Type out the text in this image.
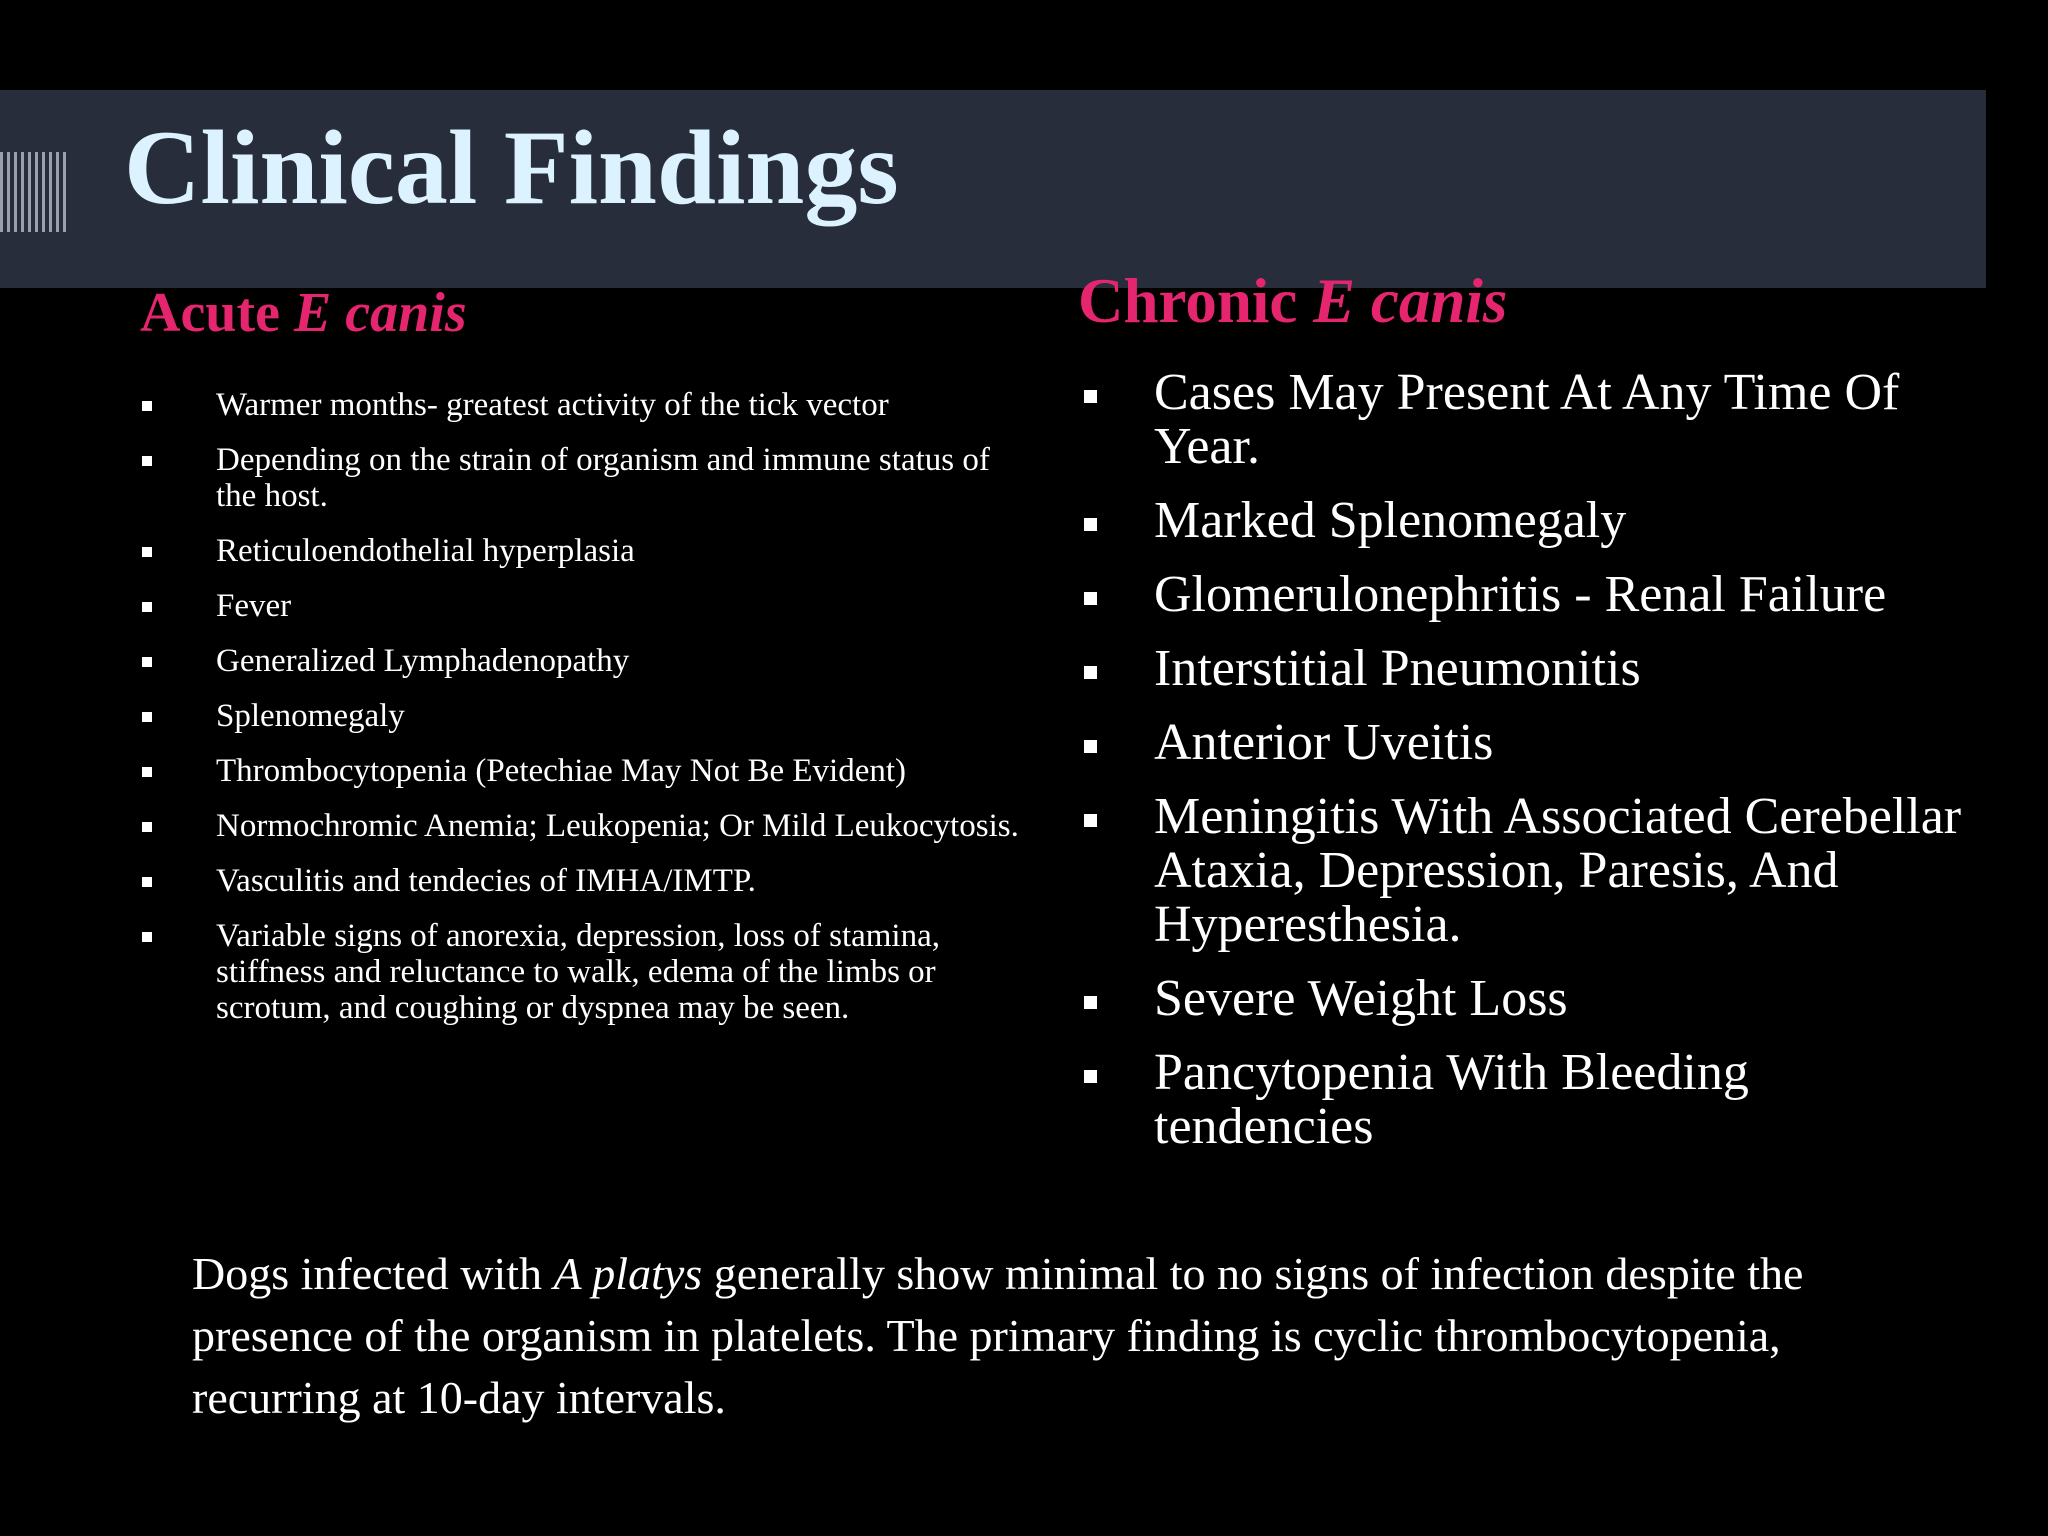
Clinical Findings
Acute E canis
Warmer months- greatest activity of the tick vector
Depending on the strain of organism and immune status of the host.
Reticuloendothelial hyperplasia
Fever
Generalized Lymphadenopathy
Splenomegaly
Thrombocytopenia (Petechiae May Not Be Evident)
Normochromic Anemia; Leukopenia; Or Mild Leukocytosis.
Vasculitis and tendecies of IMHA/IMTP.
Variable signs of anorexia, depression, loss of stamina, stiffness and reluctance to walk, edema of the limbs or scrotum, and coughing or dyspnea may be seen.
Chronic E canis
Cases May Present At Any Time Of Year.
Marked Splenomegaly
Glomerulonephritis - Renal Failure
Interstitial Pneumonitis
Anterior Uveitis
Meningitis With Associated Cerebellar Ataxia, Depression, Paresis, And Hyperesthesia.
Severe Weight Loss
Pancytopenia With Bleeding tendencies

Dogs infected with A platys generally show minimal to no signs of infection despite the presence of the organism in platelets. The primary finding is cyclic thrombocytopenia, recurring at 10-day intervals.
